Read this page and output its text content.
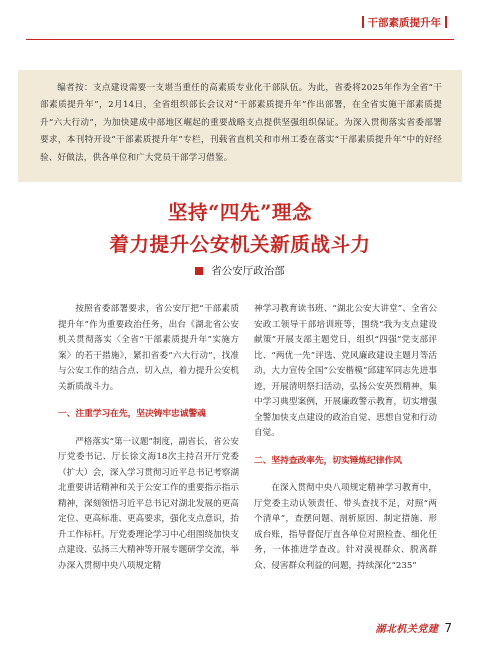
干部素质提升年

编者按：支点建设需要一支堪当重任的高素质专业化干部队伍。为此，省委将2025年作为全省“干部素质提升年”，2月14日，全省组织部长会议对“干部素质提升年”作出部署，在全省实施干部素质提升“六大行动”，为加快建成中部地区崛起的重要战略支点提供坚强组织保证。为深入贯彻落实省委部署要求，本刊特开设“干部素质提升年”专栏，刊载省直机关和市州工委在落实“干部素质提升年”中的好经验、好做法，供各单位和广大党员干部学习借鉴。

坚持“四先”理念
着力提升公安机关新质战斗力
省公安厅政治部

按照省委部署要求，省公安厅把“干部素质提升年”作为重要政治任务，出台《湖北省公安机关贯彻落实〈全省“干部素质提升年”实施方案〉的若干措施》，紧扣省委“六大行动”，找准与公安工作的结合点、切入点，着力提升公安机关新质战斗力。

一、注重学习在先，坚决铸牢忠诚警魂

严格落实“第一议题”制度，副省长、省公安厅党委书记、厅长徐文海18次主持召开厅党委（扩大）会，深入学习贯彻习近平总书记考察湖北重要讲话精神和关于公安工作的重要指示指示精神，深刻领悟习近平总书记对湖北发展的更高定位、更高标准、更高要求，强化支点意识，抬升工作标杆。厅党委理论学习中心组围绕加快支点建设、弘扬三大精神等开展专题研学交流，举办深入贯彻中央八项规定精

神学习教育读书班、“湖北公安大讲堂”、全省公安政工领导干部培训班等，围绕“我为支点建设献策”开展支部主题党日，组织“四强”党支部评比、“两优一先”评选、党风廉政建设主题月等活动，大力宣传全国“公安楷模”邱建军同志先进事迹，开展清明祭扫活动，弘扬公安英烈精神，集中学习典型案例，开展廉政警示教育，切实增强全警加快支点建设的政治自觉、思想自觉和行动自觉。

二、坚持查改率先，切实锤炼纪律作风

在深入贯彻中央八项规定精神学习教育中，厅党委主动认领责任、带头查找不足，对照“两个清单”，查摆问题、剖析原因、制定措施、形成台账，指导督促厅直各单位对照检查、细化任务，一体推进学查改。针对漠视群众、脱离群众、侵害群众利益的问题，持续深化“235”

湖北机关党建 7
